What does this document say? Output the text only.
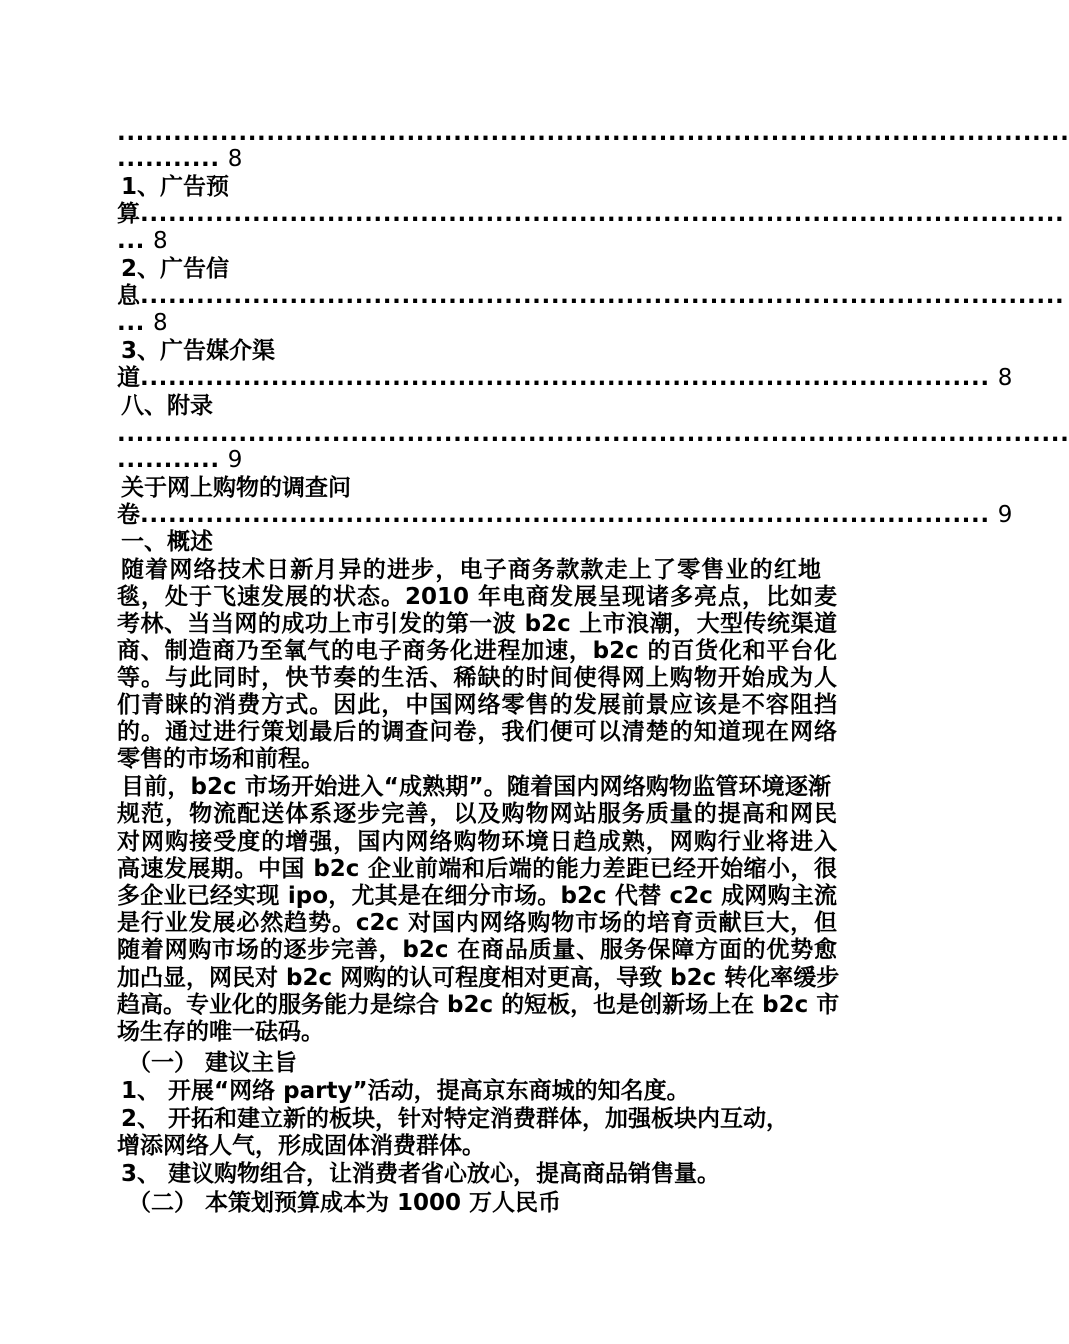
......................................................................................................
........... 8
1、广告预
算...................................................................................................
... 8
2、广告信
息...................................................................................................
... 8
3、广告媒介渠
道........................................................................................... 8
八、附录
......................................................................................................
........... 9
关于网上购物的调查问
卷........................................................................................... 9
一、概述
随着网络技术日新月异的进步，电子商务款款走上了零售业的红地
毯，处于飞速发展的状态。2010 年电商发展呈现诸多亮点，比如麦
考林、当当网的成功上市引发的第一波 b2c 上市浪潮，大型传统渠道
商、制造商乃至氧气的电子商务化进程加速，b2c 的百货化和平台化
等。与此同时，快节奏的生活、稀缺的时间使得网上购物开始成为人
们青睐的消费方式。因此，中国网络零售的发展前景应该是不容阻挡
的。通过进行策划最后的调查问卷，我们便可以清楚的知道现在网络
零售的市场和前程。
目前，b2c 市场开始进入“成熟期”。随着国内网络购物监管环境逐渐
规范，物流配送体系逐步完善，以及购物网站服务质量的提高和网民
对网购接受度的增强，国内网络购物环境日趋成熟，网购行业将进入
高速发展期。中国 b2c 企业前端和后端的能力差距已经开始缩小，很
多企业已经实现 ipo，尤其是在细分市场。b2c 代替 c2c 成网购主流
是行业发展必然趋势。c2c 对国内网络购物市场的培育贡献巨大，但
随着网购市场的逐步完善，b2c 在商品质量、服务保障方面的优势愈
加凸显，网民对 b2c 网购的认可程度相对更高，导致 b2c 转化率缓步
趋高。专业化的服务能力是综合 b2c 的短板，也是创新场上在 b2c 市
场生存的唯一砝码。
（一） 建议主旨
1、 开展“网络 party”活动，提高京东商城的知名度。
2、 开拓和建立新的板块，针对特定消费群体，加强板块内互动，
增添网络人气，形成固体消费群体。
3、 建议购物组合，让消费者省心放心，提高商品销售量。
（二） 本策划预算成本为 1000 万人民币
